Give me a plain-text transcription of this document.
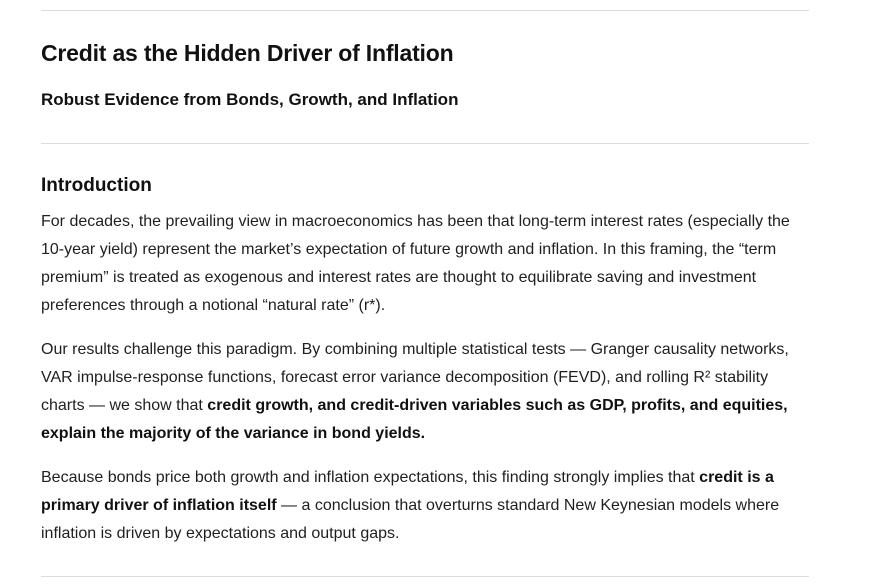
Credit as the Hidden Driver of Inflation
Robust Evidence from Bonds, Growth, and Inflation
Introduction

For decades, the prevailing view in macroeconomics has been that long-term interest rates (especially the
10-year yield) represent the market’s expectation of future growth and inflation. In this framing, the “term
premium” is treated as exogenous and interest rates are thought to equilibrate saving and investment
preferences through a notional “natural rate” (r*).

Our results challenge this paradigm. By combining multiple statistical tests — Granger causality networks,
VAR impulse-response functions, forecast error variance decomposition (FEVD), and rolling R² stability
charts — we show that credit growth, and credit-driven variables such as GDP, profits, and equities,
explain the majority of the variance in bond yields.

Because bonds price both growth and inflation expectations, this finding strongly implies that credit is a
primary driver of inflation itself — a conclusion that overturns standard New Keynesian models where
inflation is driven by expectations and output gaps.
